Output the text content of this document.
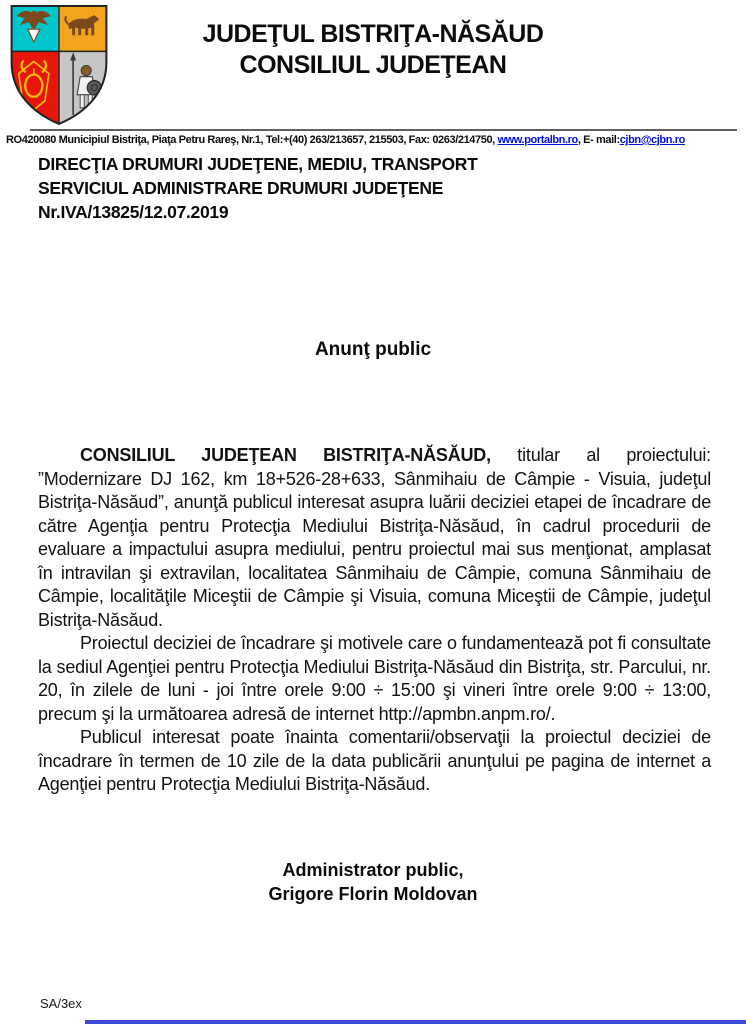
JUDEŢUL BISTRIŢA-NĂSĂUD
CONSILIUL JUDEŢEAN
RO420080 Municipiul Bistriţa, Piaţa Petru Rareş, Nr.1, Tel:+(40) 263/213657, 215503, Fax: 0263/214750, www.portalbn.ro, E- mail:cjbn@cjbn.ro
DIRECŢIA DRUMURI JUDEŢENE, MEDIU, TRANSPORT
SERVICIUL ADMINISTRARE DRUMURI JUDEŢENE
Nr.IVA/13825/12.07.2019
Anunţ public

CONSILIUL JUDEŢEAN BISTRIŢA-NĂSĂUD, titular al proiectului: ”Modernizare DJ 162, km 18+526-28+633, Sânmihaiu de Câmpie - Visuia, judeţul Bistriţa-Năsăud”, anunţă publicul interesat asupra luării deciziei etapei de încadrare de către Agenţia pentru Protecţia Mediului Bistriţa-Năsăud, în cadrul procedurii de evaluare a impactului asupra mediului, pentru proiectul mai sus menţionat, amplasat în intravilan şi extravilan, localitatea Sânmihaiu de Câmpie, comuna Sânmihaiu de Câmpie, localităţile Miceştii de Câmpie şi Visuia, comuna Miceştii de Câmpie, judeţul Bistriţa-Năsăud.

Proiectul deciziei de încadrare şi motivele care o fundamentează pot fi consultate la sediul Agenţiei pentru Protecţia Mediului Bistriţa-Năsăud din Bistriţa, str. Parcului, nr. 20, în zilele de luni - joi între orele 9:00 ÷ 15:00 şi vineri între orele 9:00 ÷ 13:00, precum şi la următoarea adresă de internet http://apmbn.anpm.ro/.

Publicul interesat poate înainta comentarii/observaţii la proiectul deciziei de încadrare în termen de 10 zile de la data publicării anunţului pe pagina de internet a Agenţiei pentru Protecţia Mediului Bistriţa-Năsăud.

Administrator public,
Grigore Florin Moldovan
SA/3ex
